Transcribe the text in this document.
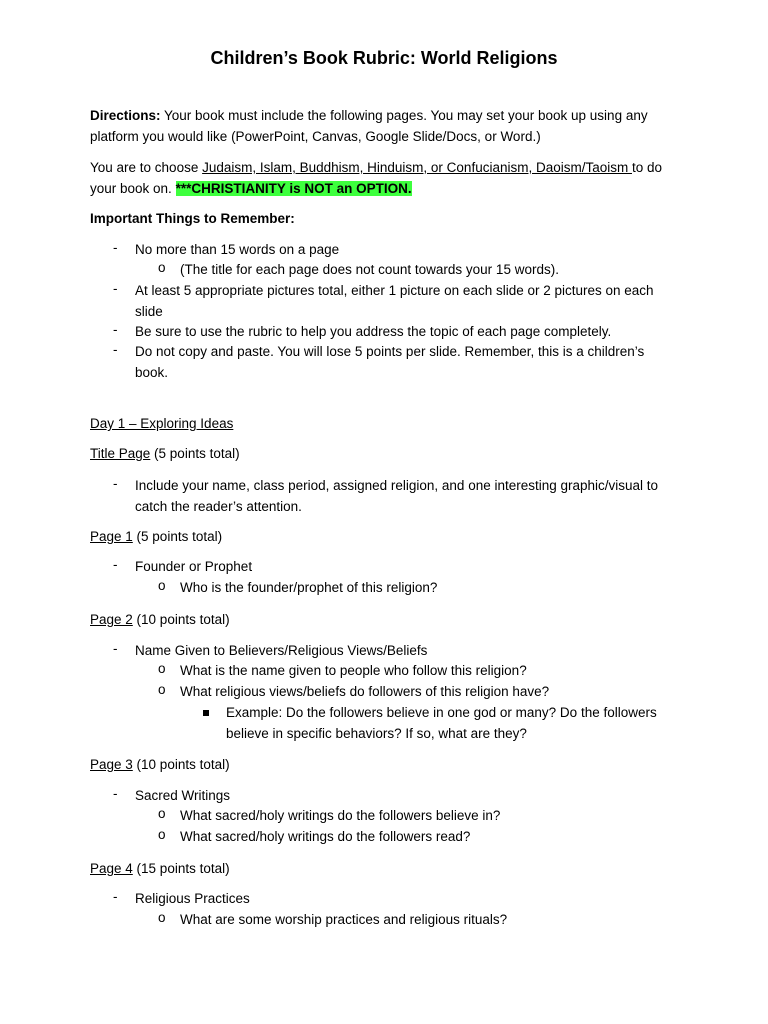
Children’s Book Rubric: World Religions
Directions: Your book must include the following pages. You may set your book up using any platform you would like (PowerPoint, Canvas, Google Slide/Docs, or Word.)
You are to choose Judaism, Islam, Buddhism, Hinduism, or Confucianism, Daoism/Taoism to do your book on. ***CHRISTIANITY is NOT an OPTION.
Important Things to Remember:
- No more than 15 words on a page
o (The title for each page does not count towards your 15 words).
- At least 5 appropriate pictures total, either 1 picture on each slide or 2 pictures on each slide
- Be sure to use the rubric to help you address the topic of each page completely.
- Do not copy and paste. You will lose 5 points per slide. Remember, this is a children’s book.
Day 1 – Exploring Ideas
Title Page (5 points total)
- Include your name, class period, assigned religion, and one interesting graphic/visual to catch the reader’s attention.
Page 1 (5 points total)
- Founder or Prophet
o Who is the founder/prophet of this religion?
Page 2 (10 points total)
- Name Given to Believers/Religious Views/Beliefs
o What is the name given to people who follow this religion?
o What religious views/beliefs do followers of this religion have?
Example: Do the followers believe in one god or many? Do the followers believe in specific behaviors? If so, what are they?
Page 3 (10 points total)
- Sacred Writings
o What sacred/holy writings do the followers believe in?
o What sacred/holy writings do the followers read?
Page 4 (15 points total)
- Religious Practices
o What are some worship practices and religious rituals?
